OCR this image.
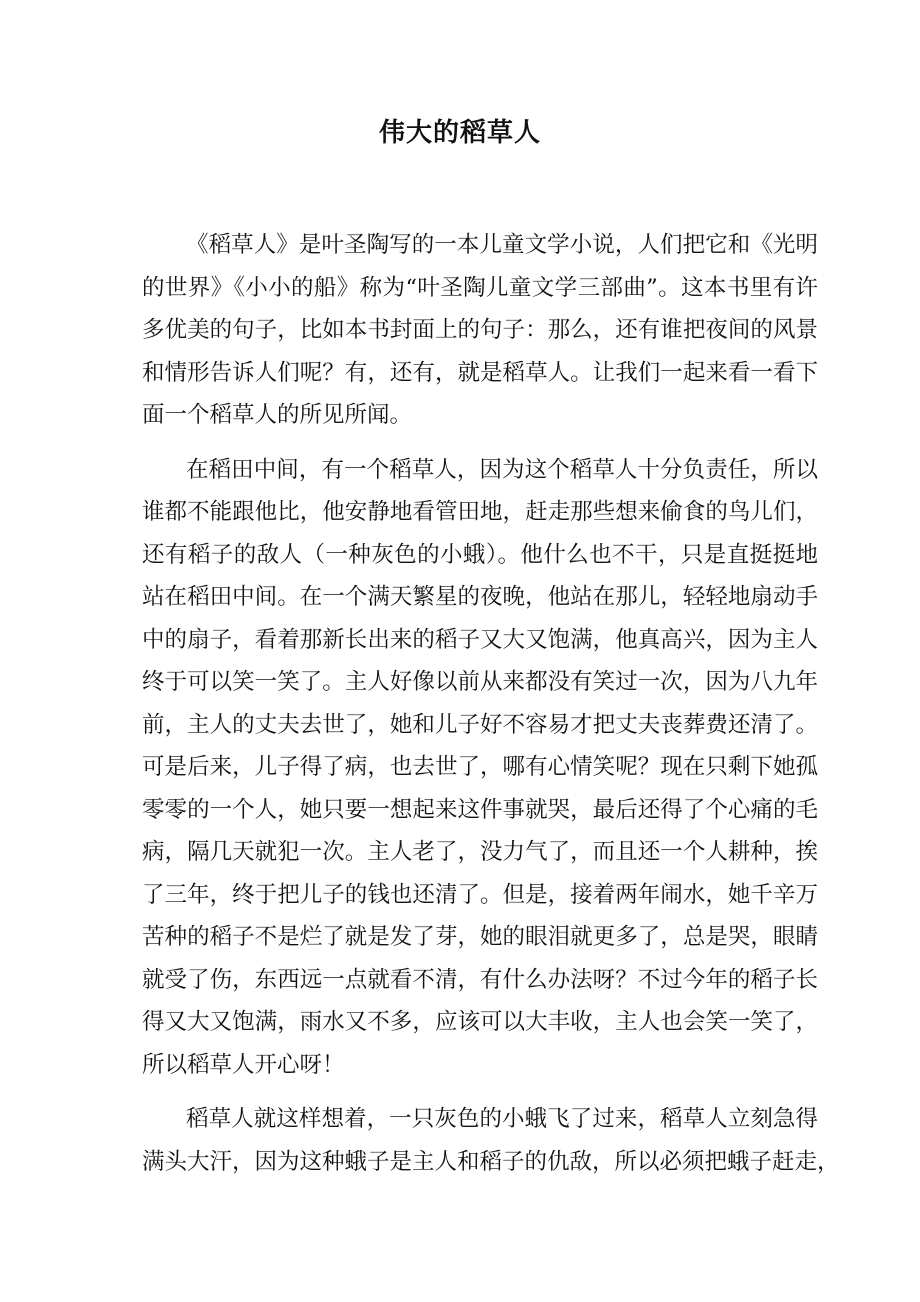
伟大的稻草人
《稻草人》是叶圣陶写的一本儿童文学小说，人们把它和《光明
的世界》《小小的船》称为“叶圣陶儿童文学三部曲”。这本书里有许
多优美的句子，比如本书封面上的句子：那么，还有谁把夜间的风景
和情形告诉人们呢？有，还有，就是稻草人。让我们一起来看一看下
面一个稻草人的所见所闻。
在稻田中间，有一个稻草人，因为这个稻草人十分负责任，所以
谁都不能跟他比，他安静地看管田地，赶走那些想来偷食的鸟儿们，
还有稻子的敌人（一种灰色的小蛾）。他什么也不干，只是直挺挺地
站在稻田中间。在一个满天繁星的夜晚，他站在那儿，轻轻地扇动手
中的扇子，看着那新长出来的稻子又大又饱满，他真高兴，因为主人
终于可以笑一笑了。主人好像以前从来都没有笑过一次，因为八九年
前，主人的丈夫去世了，她和儿子好不容易才把丈夫丧葬费还清了。
可是后来，儿子得了病，也去世了，哪有心情笑呢？现在只剩下她孤
零零的一个人，她只要一想起来这件事就哭，最后还得了个心痛的毛
病，隔几天就犯一次。主人老了，没力气了，而且还一个人耕种，挨
了三年，终于把儿子的钱也还清了。但是，接着两年闹水，她千辛万
苦种的稻子不是烂了就是发了芽，她的眼泪就更多了，总是哭，眼睛
就受了伤，东西远一点就看不清，有什么办法呀？不过今年的稻子长
得又大又饱满，雨水又不多，应该可以大丰收，主人也会笑一笑了，
所以稻草人开心呀！
稻草人就这样想着，一只灰色的小蛾飞了过来，稻草人立刻急得
满头大汗，因为这种蛾子是主人和稻子的仇敌，所以必须把蛾子赶走，
